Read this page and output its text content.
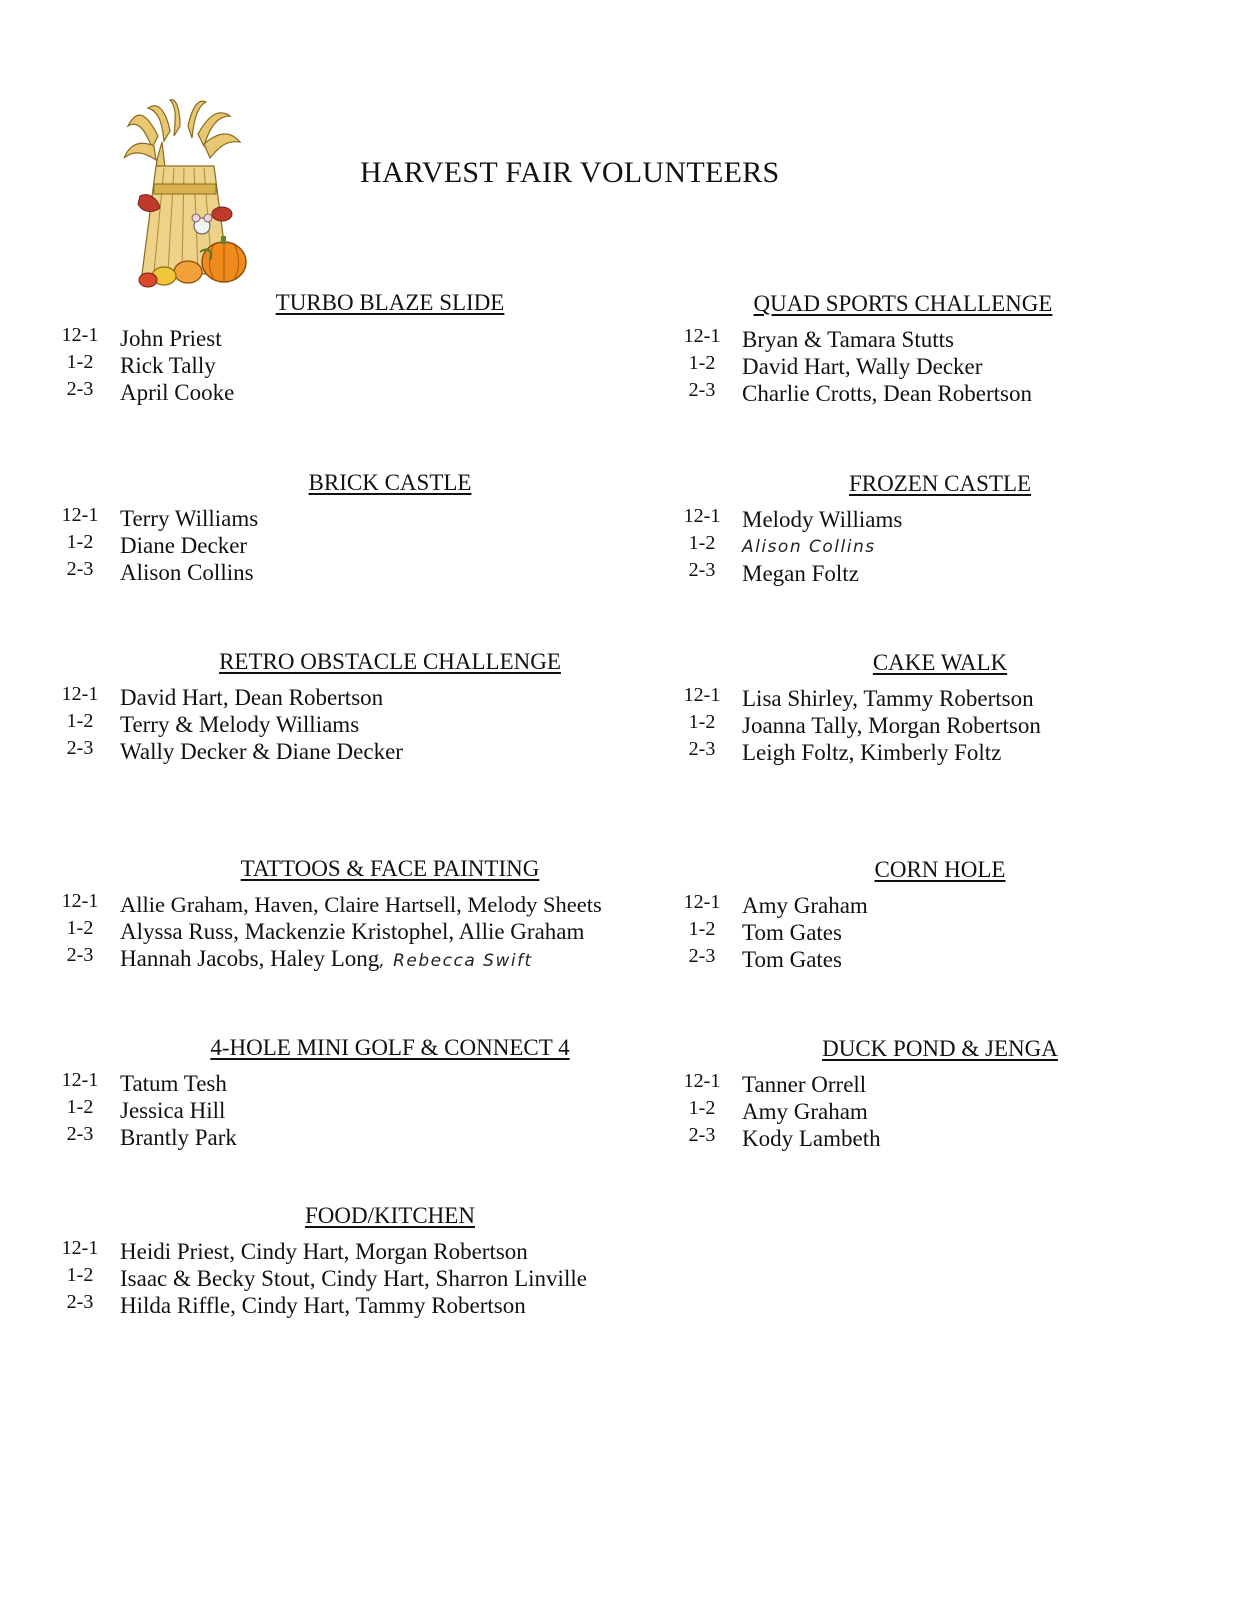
HARVEST FAIR VOLUNTEERS
TURBO BLAZE SLIDE
12-1 John Priest
1-2	Rick Tally
2-3	April Cooke
QUAD SPORTS CHALLENGE
12-1 Bryan & Tamara Stutts
1-2	David Hart, Wally Decker
2-3	Charlie Crotts, Dean Robertson
BRICK CASTLE
12-1 Terry Williams
1-2	Diane Decker
2-3	Alison Collins
FROZEN CASTLE
12-1 Melody Williams
1-2	Alison Collins
2-3	Megan Foltz
RETRO OBSTACLE CHALLENGE
12-1 David Hart, Dean Robertson
1-2	Terry & Melody Williams
2-3	Wally Decker & Diane Decker
CAKE WALK
12-1 Lisa Shirley, Tammy Robertson
1-2	Joanna Tally, Morgan Robertson
2-3	Leigh Foltz, Kimberly Foltz
TATTOOS & FACE PAINTING
12-1 Allie Graham, Haven, Claire Hartsell, Melody Sheets
1-2	Alyssa Russ, Mackenzie Kristophel, Allie Graham
2-3	Hannah Jacobs, Haley Long, Rebecca Swift
CORN HOLE
12-1 Amy Graham
1-2	Tom Gates
2-3	Tom Gates
4-HOLE MINI GOLF & CONNECT 4
12-1 Tatum Tesh
1-2	Jessica Hill
2-3	Brantly Park
DUCK POND & JENGA
12-1 Tanner Orrell
1-2	Amy Graham
2-3	Kody Lambeth
FOOD/KITCHEN
12-1 Heidi Priest, Cindy Hart, Morgan Robertson
1-2	Isaac & Becky Stout, Cindy Hart, Sharron Linville
2-3	Hilda Riffle, Cindy Hart, Tammy Robertson
